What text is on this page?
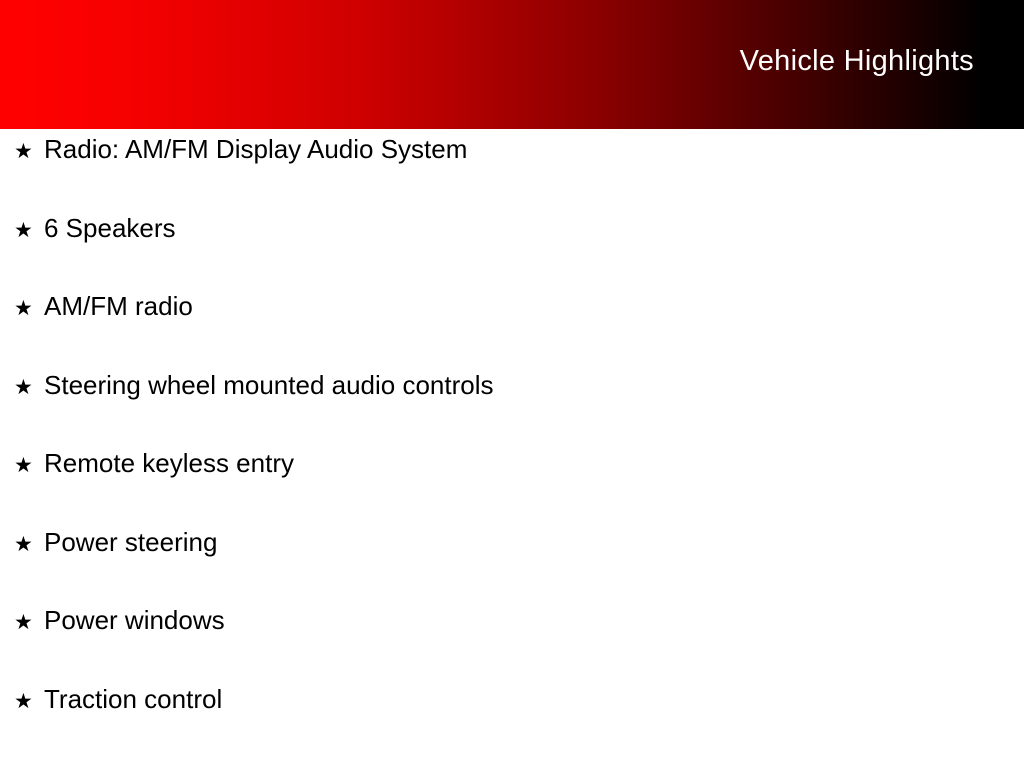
Vehicle Highlights
★ Radio: AM/FM Display Audio System
★ 6 Speakers
★ AM/FM radio
★ Steering wheel mounted audio controls
★ Remote keyless entry
★ Power steering
★ Power windows
★ Traction control
